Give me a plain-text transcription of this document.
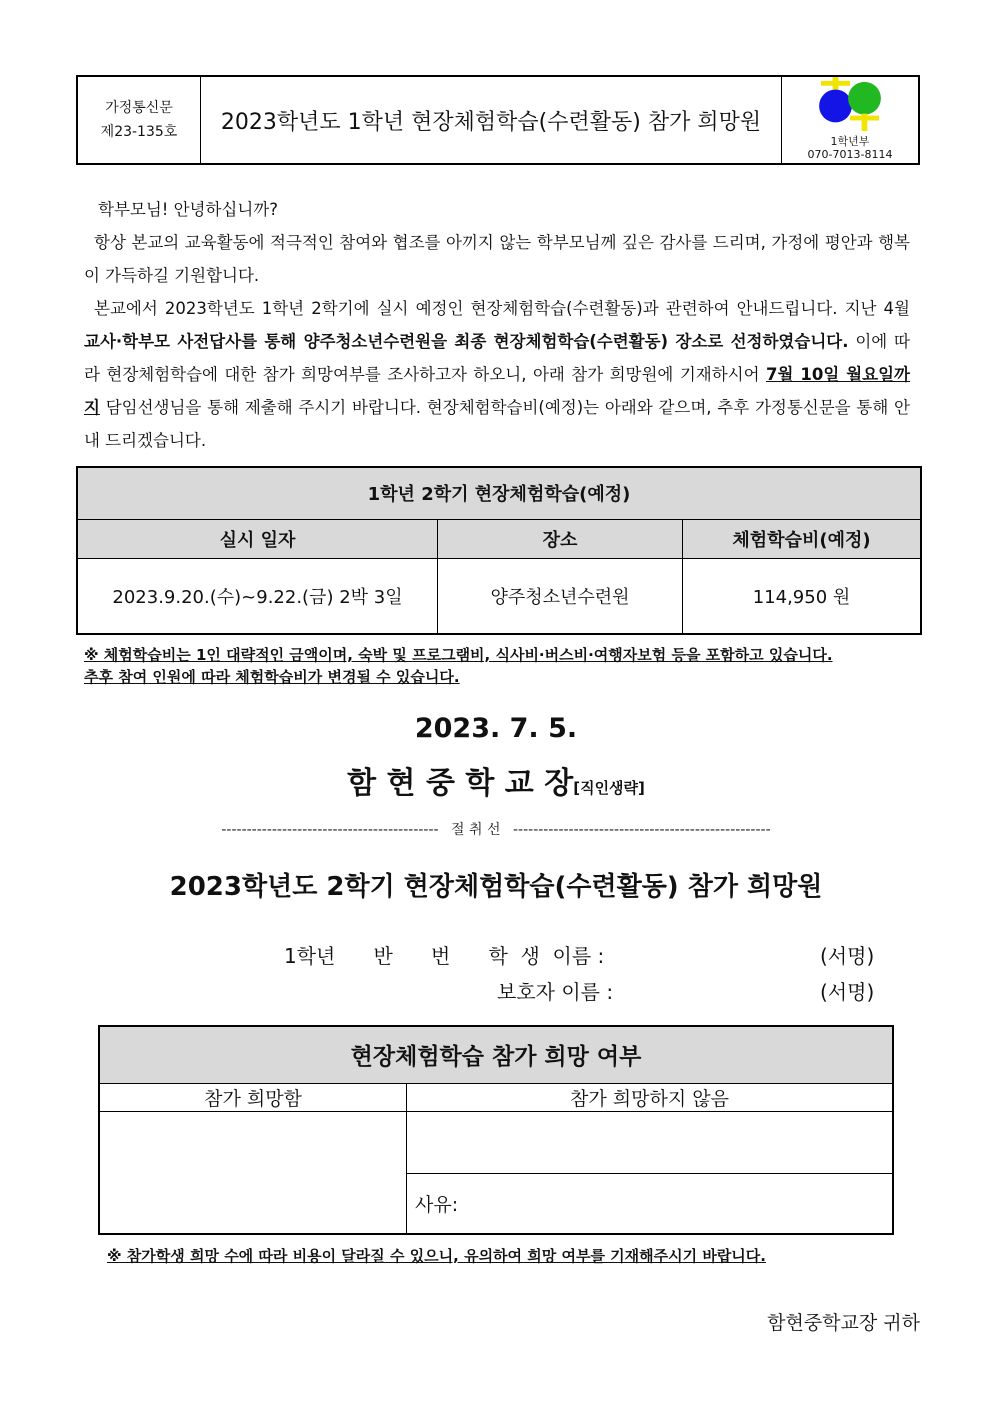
가정통신문
제23-135호	2023학년도 1학년 현장체험학습(수련활동) 참가 희망원
1학년부
070-7013-8114

학부모님! 안녕하십니까?

항상 본교의 교육활동에 적극적인 참여와 협조를 아끼지 않는 학부모님께 깊은 감사를 드리며, 가정에 평안과 행복이 가득하길 기원합니다.

본교에서 2023학년도 1학년 2학기에 실시 예정인 현장체험학습(수련활동)과 관련하여 안내드립니다. 지난 4월 교사·학부모 사전답사를 통해 양주청소년수련원을 최종 현장체험학습(수련활동) 장소로 선정하였습니다. 이에 따라 현장체험학습에 대한 참가 희망여부를 조사하고자 하오니, 아래 참가 희망원에 기재하시어 7월 10일 월요일까지 담임선생님을 통해 제출해 주시기 바랍니다. 현장체험학습비(예정)는 아래와 같으며, 추후 가정통신문을 통해 안내 드리겠습니다.

1학년 2학기 현장체험학습(예정)		
실시 일자	장소	체험학습비(예정)
2023.9.20.(수)~9.22.(금) 2박 3일	양주청소년수련원	114,950 원
※ 체험학습비는 1인 대략적인 금액이며, 숙박 및 프로그램비, 식사비·버스비·여행자보험 등을 포함하고 있습니다.
추후 참여 인원에 따라 체험학습비가 변경될 수 있습니다.
2023. 7. 5.
함 현 중 학 교 장[직인생략]
------------------------------------------- 절 취 선 ---------------------------------------------------
2023학년도 2학기 현장체험학습(수련활동) 참가 희망원
1학년      반      번      학  생  이름 :	(서명)
보호자 이름 :	(서명)
현장체험학습 참가 희망 여부	
참가 희망함	참가 희망하지 않음

	사유:
※ 참가학생 희망 수에 따라 비용이 달라질 수 있으니, 유의하여 희망 여부를 기재해주시기 바랍니다.
함현중학교장 귀하
